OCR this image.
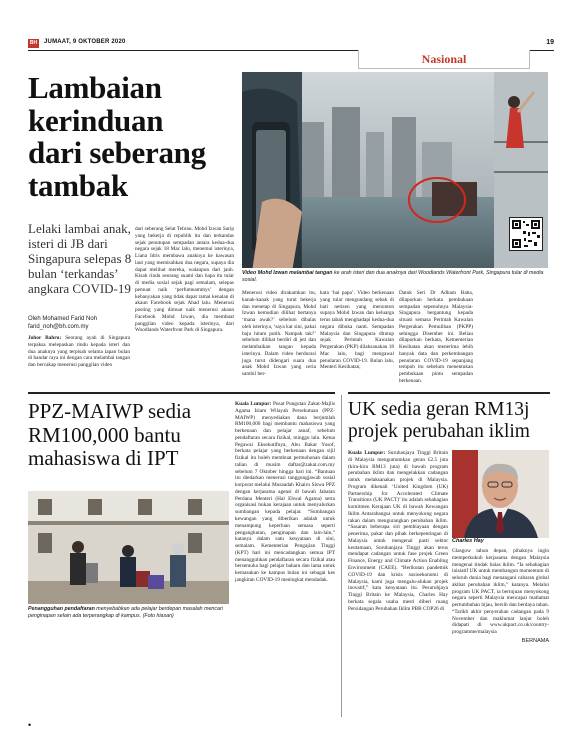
BH	JUMAAT, 9 OKTOBER 2020	19
Nasional
Lambaian
kerinduan
dari seberang
tambak
Lelaki lambai anak, isteri di JB dari Singapura selepas 8 bulan ‘terkandas’ angkara COVID-19
Oleh Mohamed Farid Noh
farid_noh@bh.com.my
Johor Bahru: Seorang ayah di Singapura terpaksa melepaskan rindu kepada isteri dan dua anaknya yang terpisah selama lapan bulan di bandar raya ini dengan cara melambai tangan dan bercakap menerusi panggilan video
dari seberang Selat Tebrau. Mohd Izwan Sarip yang bekerja di republik itu dan terkandas sejak penutupan sempadan antara kedua-dua negara sejak 18 Mac lalu, menemui isterinya, Liana Idris membawa anaknya ke kawasan laut yang memisahkan dua negara, supaya dia dapat melihat mereka, walaupun dari jauh. Kisah rindu seorang suami dan bapa itu tular di media sosial sejak pagi semalam, selepas pemuat naik ‘perfumeammys’ dengan kebanyakan yang tidak dapat ramai kenalan di akaun Facebook sejak Ahad lalu. Menerusi posting yang dimuat naik menerusi akaun Facebook Mohd Izwan, dia membuat panggilan video kepada isterinya, dari Woodlands Waterfront Park di Singapura.
Video Mohd Izwan melambai tangan ke arah isteri dan dua anaknya dari Woodlands Waterfront Park, Singapura tular di media sosial.
Menerusi video dirakamkan itu, kanak-kanak yang turut bekerja dan menetap di Singapura, Mohd Izwan kemudian dilihat bertanya ‘mana awak?’ sebelum dibalas oleh isterinya, ‘saya kat sini, pakai baju hitam putih. Nampak tak?’ sebelum dilihat berdiri di jeti dan melambaikan tangan kepada isterinya. Dalam video berdurasi juga turut didengari suara dua anak Mohd Izwan yang ceria sambil ber-
kata ‘hai papa’. Video berkenaan yang tular mengundang sebak di hati netizen yang menonton supaya Mohd Izwan dan keluarga terus tabah menghadapi kedua-dua negara dibuka nanti. Sempadan Malaysia dan Singapura ditutup sejak Perintah Kawalan Pergerakan (PKP) dilaksanakan 18 Mac lalu, bagi mengawal penularan COVID-19. Bulan lalu, Menteri Kesihatan,
Datuk Seri Dr Adham Baba, dilaporkan berkata pembukaan sempadan sepenuhnya Malaysia-Singapura bergantung kepada situasi semasa Perintah Kawalan Pergerakan Pemulihan (PKPP) sehingga Disember ini. Beliau dilaporkan berkata, Kementerian Kesihatan akan menerima lebih banyak data dan perkembangan penularan COVID-19 sepanjang tempoh itu sebelum menentukan pembukaan pintu sempadan berkenaan.
PPZ-MAIWP sedia RM100,000 bantu mahasiswa di IPT
Penangguhan pendaftaran menyebabkan ada pelajar berdepan masalah mencari penginapan selain ada terperangkap di kampus. (Foto hiasan)
Kuala Lumpur: Pusat Pungutan Zakat-Majlis Agama Islam Wilayah Persekutuan (PPZ-MAIWP) menyediakan dana berjumlah RM100,000 bagi membantu mahasiswa yang berkenaan dan pelajar asnaf, sebelum pendaftaran secara fizikal, minggu lalu. Ketua Pegawai Eksekutifnya, Abu Bakar Yusof, berkata pelajar yang berkenaan dengan sijil fizikal itu boleh membuat permohonan dalam talian di musim daftar@zakat.com.my sebelum 7 Oktober hingga hari ini. “Bantuan itu diedarkan menerusi tanggungjawab sosial korporat melalui Musaadah Khairu Siswa PPZ dengan kerjasama agensi di bawah Jabatan Perdana Menteri (Hal Ehwal Agama) serta organisasi bukan kerajaan untuk menyalurkan sumbangan kepada pelajar. “Sumbangan kewangan yang diberikan adalah untuk menampung keperluan semasa seperti pengangkutan, penginapan dan lain-lain,” katanya dalam satu kenyataan di sini, semalam. Kementerian Pengajian Tinggi (KPT) hari ini mencadangkan semua IPT menangguhkan pendaftaran secara fizikal atau bersemuka bagi pelajar baharu dan lama untuk kemasukan ke kampus bulan ini sebagai kes jangkitan COVID-19 meningkat mendadak.
UK sedia geran RM13j projek perubahan iklim
Kuala Lumpur: Suruhanjaya Tinggi Britain di Malaysia mengumumkan geran £2.5 juta (kira-kira RM13 juta) di bawah program perubahan iklim dan mengelakkan cadangan untuk melaksanakan projek di Malaysia. Program dikenali ‘United Kingdom (UK) Partnership for Accelerated Climate Transitions (UK PACT)’ itu adalah sebahagian komitmen Kerajaan UK di bawah Kewangan Iklim Antarabangsa untuk menyokong negara rakan dalam mengurangkan perubahan iklim. “Sasaran beberapa siri pembiayaan dengan penerima, pakar dan pihak berkepentingan di Malaysia untuk mengenal pasti sektor keutamaan, Suruhanjaya Tinggi akan terus mendapat cadangan untuk fase projek Green Finance, Energy and Climate Action Enabling Environment (CAEE). “Berikutan pandemik COVID-19 dan krisis sosioekonomi di Malaysia, kami juga mengalu-alukan projek inovatif,” kata kenyataan itu. Pesuruhjaya Tinggi Britain ke Malaysia, Charles Hay berkata segala usaha mesti diberi ruang Persidangan Perubahan Iklim PBB COP26 di
Charles Hay
Glasgow tahun depan, pihaknya ingin memperkukuh kerjasama dengan Malaysia mengenai tindak balas iklim. “Ia sebahagian inisiatif UK untuk membangun momentum di seluruh dunia bagi menangani cabaran global akibat perubahan iklim,” katanya. Melalui program UK PACT, ia bertujuan menyokong negara seperti Malaysia mencapai matlamat pertumbuhan hijau, bersih dan berdaya tahan. “Tarikh akhir penyerahan cadangan pada 9 November dan maklumat lanjut boleh didapati di www.ukpact.co.uk/country-programme/malaysia
BERNAMA
•
